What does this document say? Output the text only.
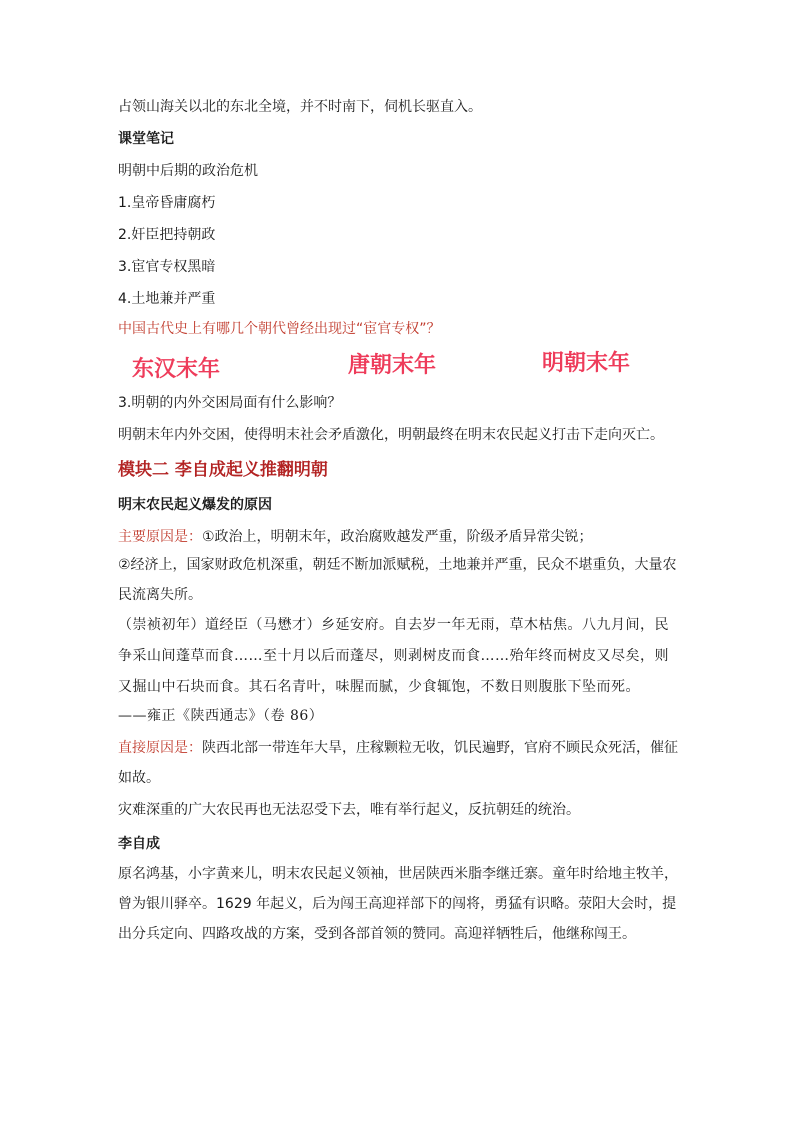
占领山海关以北的东北全境，并不时南下，伺机长驱直入。

课堂笔记

明朝中后期的政治危机

1.皇帝昏庸腐朽

2.奸臣把持朝政

3.宦官专权黑暗

4.土地兼并严重

中国古代史上有哪几个朝代曾经出现过“宦官专权”？

东汉末年	唐朝末年	明朝末年

3.明朝的内外交困局面有什么影响？

明朝末年内外交困，使得明末社会矛盾激化，明朝最终在明末农民起义打击下走向灭亡。

模块二 李自成起义推翻明朝

明末农民起义爆发的原因

主要原因是：①政治上，明朝末年，政治腐败越发严重，阶级矛盾异常尖锐；

②经济上，国家财政危机深重，朝廷不断加派赋税，土地兼并严重，民众不堪重负，大量农民流离失所。

（崇祯初年）道经臣（马懋才）乡延安府。自去岁一年无雨，草木枯焦。八九月间，民争采山间蓬草而食……至十月以后而蓬尽，则剥树皮而食……殆年终而树皮又尽矣，则又掘山中石块而食。其石名青叶，味腥而腻，少食辄饱，不数日则腹胀下坠而死。

——雍正《陕西通志》（卷 86）

直接原因是：陕西北部一带连年大旱，庄稼颗粒无收，饥民遍野，官府不顾民众死活，催征如故。

灾难深重的广大农民再也无法忍受下去，唯有举行起义，反抗朝廷的统治。

李自成

原名鸿基，小字黄来儿，明末农民起义领袖，世居陕西米脂李继迁寨。童年时给地主牧羊，曾为银川驿卒。1629 年起义，后为闯王高迎祥部下的闯将，勇猛有识略。荥阳大会时，提出分兵定向、四路攻战的方案，受到各部首领的赞同。高迎祥牺牲后，他继称闯王。
